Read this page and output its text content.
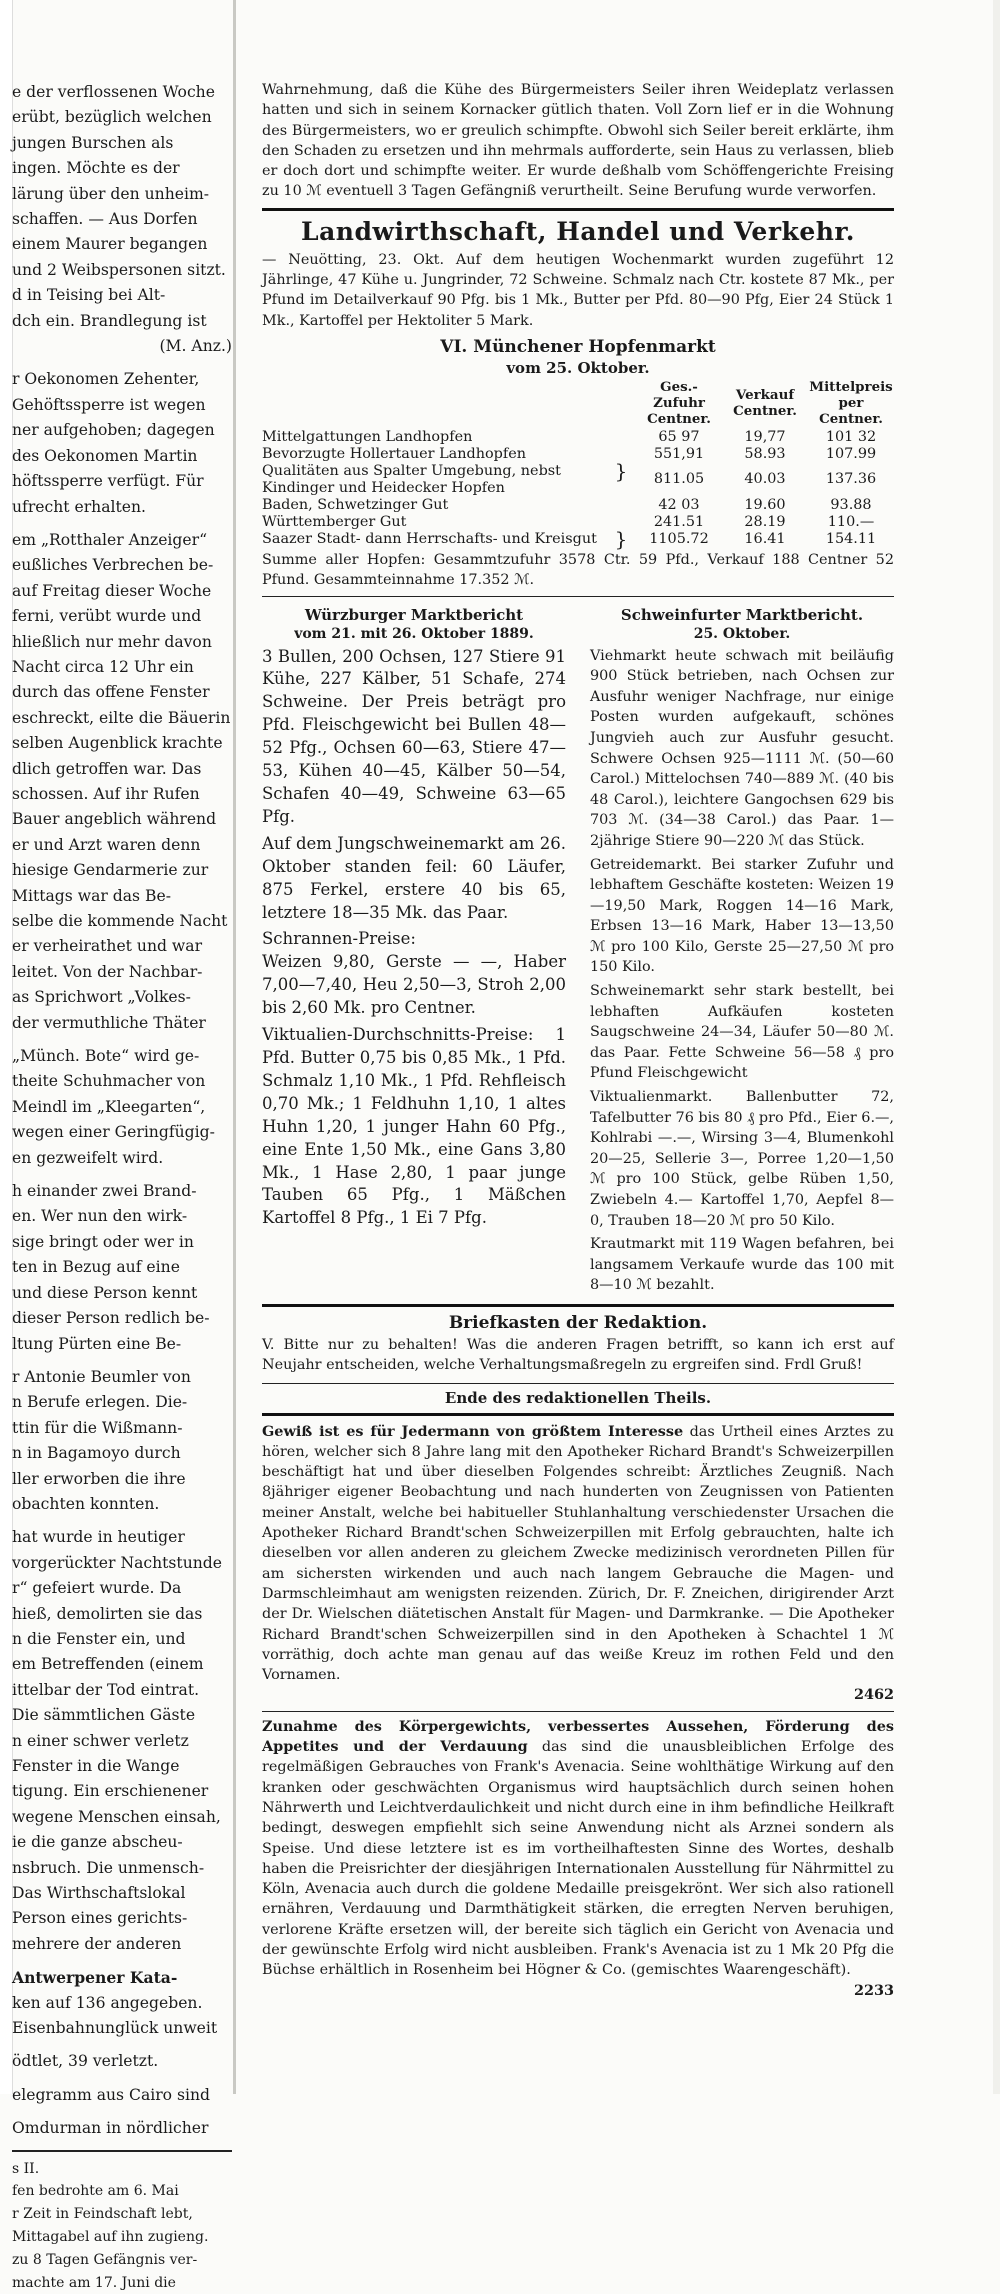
e der verflossenen Woche

erübt, bezüglich welchen

jungen Burschen als

ingen. Möchte es der

lärung über den unheim-

schaffen. — Aus Dorfen

einem Maurer begangen

und 2 Weibspersonen sitzt.

d in Teising bei Alt-

dch ein. Brandlegung ist

(M. Anz.)

r Oekonomen Zehenter,

Gehöftssperre ist wegen

ner aufgehoben; dagegen

des Oekonomen Martin

höftssperre verfügt. Für

ufrecht erhalten.

em „Rotthaler Anzeiger“

eußliches Verbrechen be-

auf Freitag dieser Woche

ferni, verübt wurde und

hließlich nur mehr davon

Nacht circa 12 Uhr ein

durch das offene Fenster

eschreckt, eilte die Bäuerin

selben Augenblick krachte

dlich getroffen war. Das

schossen. Auf ihr Rufen

Bauer angeblich während

er und Arzt waren denn

hiesige Gendarmerie zur

Mittags war das Be-

selbe die kommende Nacht

er verheirathet und war

leitet. Von der Nachbar-

as Sprichwort „Volkes-

der vermuthliche Thäter

„Münch. Bote“ wird ge-

theite Schuhmacher von

Meindl im „Kleegarten“,

wegen einer Geringfügig-

en gezweifelt wird.

h einander zwei Brand-

en. Wer nun den wirk-

sige bringt oder wer in

ten in Bezug auf eine

und diese Person kennt

dieser Person redlich be-

ltung Pürten eine Be-

r Antonie Beumler von

n Berufe erlegen. Die-

ttin für die Wißmann-

n in Bagamoyo durch

ller erworben die ihre

obachten konnten.

hat wurde in heutiger

vorgerückter Nachtstunde

r“ gefeiert wurde. Da

hieß, demolirten sie das

n die Fenster ein, und

em Betreffenden (einem

ittelbar der Tod eintrat.

Die sämmtlichen Gäste

n einer schwer verletz

Fenster in die Wange

tigung. Ein erschienener

wegene Menschen einsah,

ie die ganze abscheu-

nsbruch. Die unmensch-

Das Wirthschaftslokal

Person eines gerichts-

mehrere der anderen

Antwerpener Kata-

ken auf 136 angegeben.

Eisenbahnunglück unweit

ödtlet, 39 verletzt.

elegramm aus Cairo sind

Omdurman in nördlicher

s II.

fen bedrohte am 6. Mai

r Zeit in Feindschaft lebt,

Mittagabel auf ihn zugieng.

zu 8 Tagen Gefängnis ver-

machte am 17. Juni die

Wahrnehmung, daß die Kühe des Bürgermeisters Seiler ihren Weideplatz verlassen hatten und sich in seinem Kornacker gütlich thaten. Voll Zorn lief er in die Wohnung des Bürgermeisters, wo er greulich schimpfte. Obwohl sich Seiler bereit erklärte, ihm den Schaden zu ersetzen und ihn mehrmals aufforderte, sein Haus zu verlassen, blieb er doch dort und schimpfte weiter. Er wurde deßhalb vom Schöffengerichte Freising zu 10 ℳ eventuell 3 Tagen Gefängniß verurtheilt. Seine Berufung wurde verworfen.

Landwirthschaft, Handel und Verkehr.

— Neuötting, 23. Okt. Auf dem heutigen Wochenmarkt wurden zugeführt 12 Jährlinge, 47 Kühe u. Jungrinder, 72 Schweine. Schmalz nach Ctr. kostete 87 Mk., per Pfund im Detailverkauf 90 Pfg. bis 1 Mk., Butter per Pfd. 80—90 Pfg, Eier 24 Stück 1 Mk., Kartoffel per Hektoliter 5 Mark.

VI. Münchener Hopfenmarkt
vom 25. Oktober.
		Ges.-Zufuhr Centner.	Verkauf Centner.	Mittelpreis per Centner.
Mittelgattungen Landhopfen		65 97	19,77	101 32
Bevorzugte Hollertauer Landhopfen		551,91	58.93	107.99
Qualitäten aus Spalter Umgebung, nebst Kindinger und Heidecker Hopfen	}	811.05	40.03	137.36
Baden, Schwetzinger Gut		42 03	19.60	93.88
Württemberger Gut		241.51	28.19	110.—
Saazer Stadt- dann Herrschafts- und Kreisgut	}	1105.72	16.41	154.11

Summe aller Hopfen: Gesammtzufuhr 3578 Ctr. 59 Pfd., Verkauf 188 Centner 52 Pfund. Gesammteinnahme 17.352 ℳ.

Würzburger Marktbericht
vom 21. mit 26. Oktober 1889.

3 Bullen, 200 Ochsen, 127 Stiere 91 Kühe, 227 Kälber, 51 Schafe, 274 Schweine. Der Preis beträgt pro Pfd. Fleischgewicht bei Bullen 48—52 Pfg., Ochsen 60—63, Stiere 47—53, Kühen 40—45, Kälber 50—54, Schafen 40—49, Schweine 63—65 Pfg.

Auf dem Jungschweinemarkt am 26. Oktober standen feil: 60 Läufer, 875 Ferkel, erstere 40 bis 65, letztere 18—35 Mk. das Paar.

Schrannen-Preise:

Weizen 9,80, Gerste — —, Haber 7,00—7,40, Heu 2,50—3, Stroh 2,00 bis 2,60 Mk. pro Centner.

Viktualien-Durchschnitts-Preise: 1 Pfd. Butter 0,75 bis 0,85 Mk., 1 Pfd. Schmalz 1,10 Mk., 1 Pfd. Rehfleisch 0,70 Mk.; 1 Feldhuhn 1,10, 1 altes Huhn 1,20, 1 junger Hahn 60 Pfg., eine Ente 1,50 Mk., eine Gans 3,80 Mk., 1 Hase 2,80, 1 paar junge Tauben 65 Pfg., 1 Mäßchen Kartoffel 8 Pfg., 1 Ei 7 Pfg.

Schweinfurter Marktbericht.
25. Oktober.

Viehmarkt heute schwach mit beiläufig 900 Stück betrieben, nach Ochsen zur Ausfuhr weniger Nachfrage, nur einige Posten wurden aufgekauft, schönes Jungvieh auch zur Ausfuhr gesucht. Schwere Ochsen 925—1111 ℳ. (50—60 Carol.) Mittelochsen 740—889 ℳ. (40 bis 48 Carol.), leichtere Gangochsen 629 bis 703 ℳ. (34—38 Carol.) das Paar. 1—2jährige Stiere 90—220 ℳ das Stück.

Getreidemarkt. Bei starker Zufuhr und lebhaftem Geschäfte kosteten: Weizen 19—19,50 Mark, Roggen 14—16 Mark, Erbsen 13—16 Mark, Haber 13—13,50 ℳ pro 100 Kilo, Gerste 25—27,50 ℳ pro 150 Kilo.

Schweinemarkt sehr stark bestellt, bei lebhaften Aufkäufen kosteten Saugschweine 24—34, Läufer 50—80 ℳ. das Paar. Fette Schweine 56—58 ₰ pro Pfund Fleischgewicht

Viktualienmarkt. Ballenbutter 72, Tafelbutter 76 bis 80 ₰ pro Pfd., Eier 6.—, Kohlrabi —.—, Wirsing 3—4, Blumenkohl 20—25, Sellerie 3—, Porree 1,20—1,50 ℳ pro 100 Stück, gelbe Rüben 1,50, Zwiebeln 4.— Kartoffel 1,70, Aepfel 8— 0, Trauben 18—20 ℳ pro 50 Kilo.

Krautmarkt mit 119 Wagen befahren, bei langsamem Verkaufe wurde das 100 mit 8—10 ℳ bezahlt.

Briefkasten der Redaktion.

V. Bitte nur zu behalten! Was die anderen Fragen betrifft, so kann ich erst auf Neujahr entscheiden, welche Verhaltungsmaßregeln zu ergreifen sind. Frdl Gruß!

Ende des redaktionellen Theils.

Gewiß ist es für Jedermann von größtem Interesse das Urtheil eines Arztes zu hören, welcher sich 8 Jahre lang mit den Apotheker Richard Brandt's Schweizerpillen beschäftigt hat und über dieselben Folgendes schreibt: Ärztliches Zeugniß. Nach 8jähriger eigener Beobachtung und nach hunderten von Zeugnissen von Patienten meiner Anstalt, welche bei habitueller Stuhlanhaltung verschiedenster Ursachen die Apotheker Richard Brandt'schen Schweizerpillen mit Erfolg gebrauchten, halte ich dieselben vor allen anderen zu gleichem Zwecke medizinisch verordneten Pillen für am sichersten wirkenden und auch nach langem Gebrauche die Magen- und Darmschleimhaut am wenigsten reizenden. Zürich, Dr. F. Zneichen, dirigirender Arzt der Dr. Wielschen diätetischen Anstalt für Magen- und Darmkranke. — Die Apotheker Richard Brandt'schen Schweizerpillen sind in den Apotheken à Schachtel 1 ℳ vorräthig, doch achte man genau auf das weiße Kreuz im rothen Feld und den Vornamen.

2462

Zunahme des Körpergewichts, verbessertes Aussehen, Förderung des Appetites und der Verdauung das sind die unausbleiblichen Erfolge des regelmäßigen Gebrauches von Frank's Avenacia. Seine wohlthätige Wirkung auf den kranken oder geschwächten Organismus wird hauptsächlich durch seinen hohen Nährwerth und Leichtverdaulichkeit und nicht durch eine in ihm befindliche Heilkraft bedingt, deswegen empfiehlt sich seine Anwendung nicht als Arznei sondern als Speise. Und diese letztere ist es im vortheilhaftesten Sinne des Wortes, deshalb haben die Preisrichter der diesjährigen Internationalen Ausstellung für Nährmittel zu Köln, Avenacia auch durch die goldene Medaille preisgekrönt. Wer sich also rationell ernähren, Verdauung und Darmthätigkeit stärken, die erregten Nerven beruhigen, verlorene Kräfte ersetzen will, der bereite sich täglich ein Gericht von Avenacia und der gewünschte Erfolg wird nicht ausbleiben. Frank's Avenacia ist zu 1 Mk 20 Pfg die Büchse erhältlich in Rosenheim bei Högner & Co. (gemischtes Waarengeschäft).

2233
